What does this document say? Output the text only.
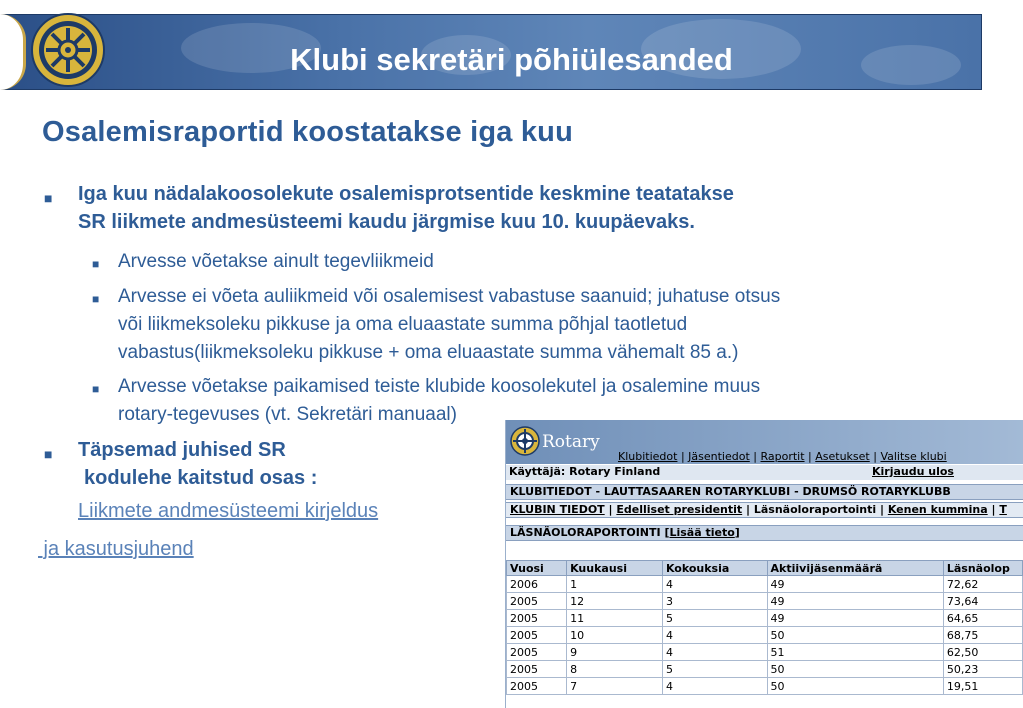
Klubi sekretäri põhiülesanded
Osalemisraportid koostatakse iga kuu
■ Iga kuu nädalakoosolekute osalemisprotsentide keskmine teatatakse
SR liikmete andmesüsteemi kaudu järgmise kuu 10. kuupäevaks.
■ Arvesse võetakse ainult tegevliikmeid
■ Arvesse ei võeta auliikmeid või osalemisest vabastuse saanuid; juhatuse otsus
või liikmeksoleku pikkuse ja oma eluaastate summa põhjal taotletud
vabastus(liikmeksoleku pikkuse + oma eluaastate summa vähemalt 85 a.)
■ Arvesse võetakse paikamised teiste klubide koosolekutel ja osalemine muus
rotary-tegevuses (vt. Sekretäri manuaal)
■ Täpsemad juhised SR
kodulehe kaitstud osas :
Liikmete andmesüsteemi kirjeldus
ja kasutusjuhend
Rotary
Klubitiedot | Jäsentiedot | Raportit | Asetukset | Valitse klubi
Käyttäjä: Rotary Finland	Kirjaudu ulos
KLUBITIEDOT - LAUTTASAAREN ROTARYKLUBI - DRUMSÖ ROTARYKLUBB
KLUBIN TIEDOT | Edelliset presidentit | Läsnäoloraportointi | Kenen kummina | T
LÄSNÄOLORAPORTOINTI [Lisää tieto]
Vuosi	Kuukausi	Kokouksia	Aktiivijäsenmäärä	Läsnäolop
2006	1	4	49	72,62
2005	12	3	49	73,64
2005	11	5	49	64,65
2005	10	4	50	68,75
2005	9	4	51	62,50
2005	8	5	50	50,23
2005	7	4	50	19,51
